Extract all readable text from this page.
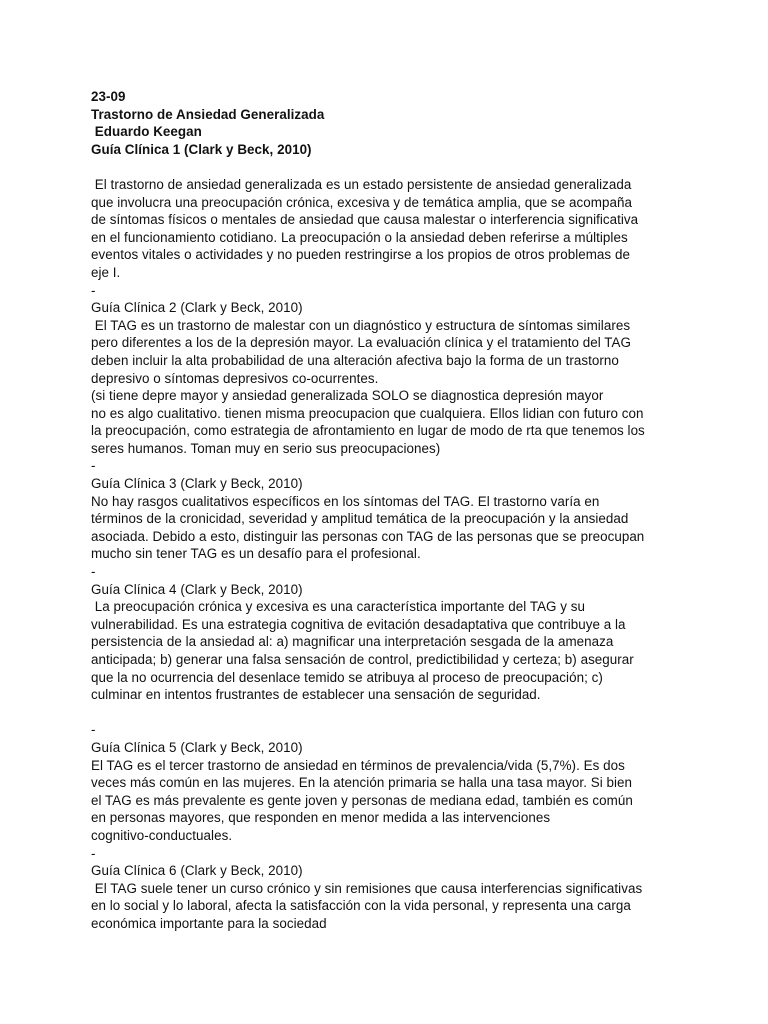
23-09
Trastorno de Ansiedad Generalizada
Eduardo Keegan
Guía Clínica 1 (Clark y Beck, 2010)
El trastorno de ansiedad generalizada es un estado persistente de ansiedad generalizada
que involucra una preocupación crónica, excesiva y de temática amplia, que se acompaña
de síntomas físicos o mentales de ansiedad que causa malestar o interferencia significativa
en el funcionamiento cotidiano. La preocupación o la ansiedad deben referirse a múltiples
eventos vitales o actividades y no pueden restringirse a los propios de otros problemas de
eje I.
-
Guía Clínica 2 (Clark y Beck, 2010)
El TAG es un trastorno de malestar con un diagnóstico y estructura de síntomas similares
pero diferentes a los de la depresión mayor. La evaluación clínica y el tratamiento del TAG
deben incluir la alta probabilidad de una alteración afectiva bajo la forma de un trastorno
depresivo o síntomas depresivos co-ocurrentes.
(si tiene depre mayor y ansiedad generalizada SOLO se diagnostica depresión mayor
no es algo cualitativo. tienen misma preocupacion que cualquiera. Ellos lidian con futuro con
la preocupación, como estrategia de afrontamiento en lugar de modo de rta que tenemos los
seres humanos. Toman muy en serio sus preocupaciones)
-
Guía Clínica 3 (Clark y Beck, 2010)
No hay rasgos cualitativos específicos en los síntomas del TAG. El trastorno varía en
términos de la cronicidad, severidad y amplitud temática de la preocupación y la ansiedad
asociada. Debido a esto, distinguir las personas con TAG de las personas que se preocupan
mucho sin tener TAG es un desafío para el profesional.
-
Guía Clínica 4 (Clark y Beck, 2010)
La preocupación crónica y excesiva es una característica importante del TAG y su
vulnerabilidad. Es una estrategia cognitiva de evitación desadaptativa que contribuye a la
persistencia de la ansiedad al: a) magnificar una interpretación sesgada de la amenaza
anticipada; b) generar una falsa sensación de control, predictibilidad y certeza; b) asegurar
que la no ocurrencia del desenlace temido se atribuya al proceso de preocupación; c)
culminar en intentos frustrantes de establecer una sensación de seguridad.
-
Guía Clínica 5 (Clark y Beck, 2010)
El TAG es el tercer trastorno de ansiedad en términos de prevalencia/vida (5,7%). Es dos
veces más común en las mujeres. En la atención primaria se halla una tasa mayor. Si bien
el TAG es más prevalente es gente joven y personas de mediana edad, también es común
en personas mayores, que responden en menor medida a las intervenciones
cognitivo-conductuales.
-
Guía Clínica 6 (Clark y Beck, 2010)
El TAG suele tener un curso crónico y sin remisiones que causa interferencias significativas
en lo social y lo laboral, afecta la satisfacción con la vida personal, y representa una carga
económica importante para la sociedad
